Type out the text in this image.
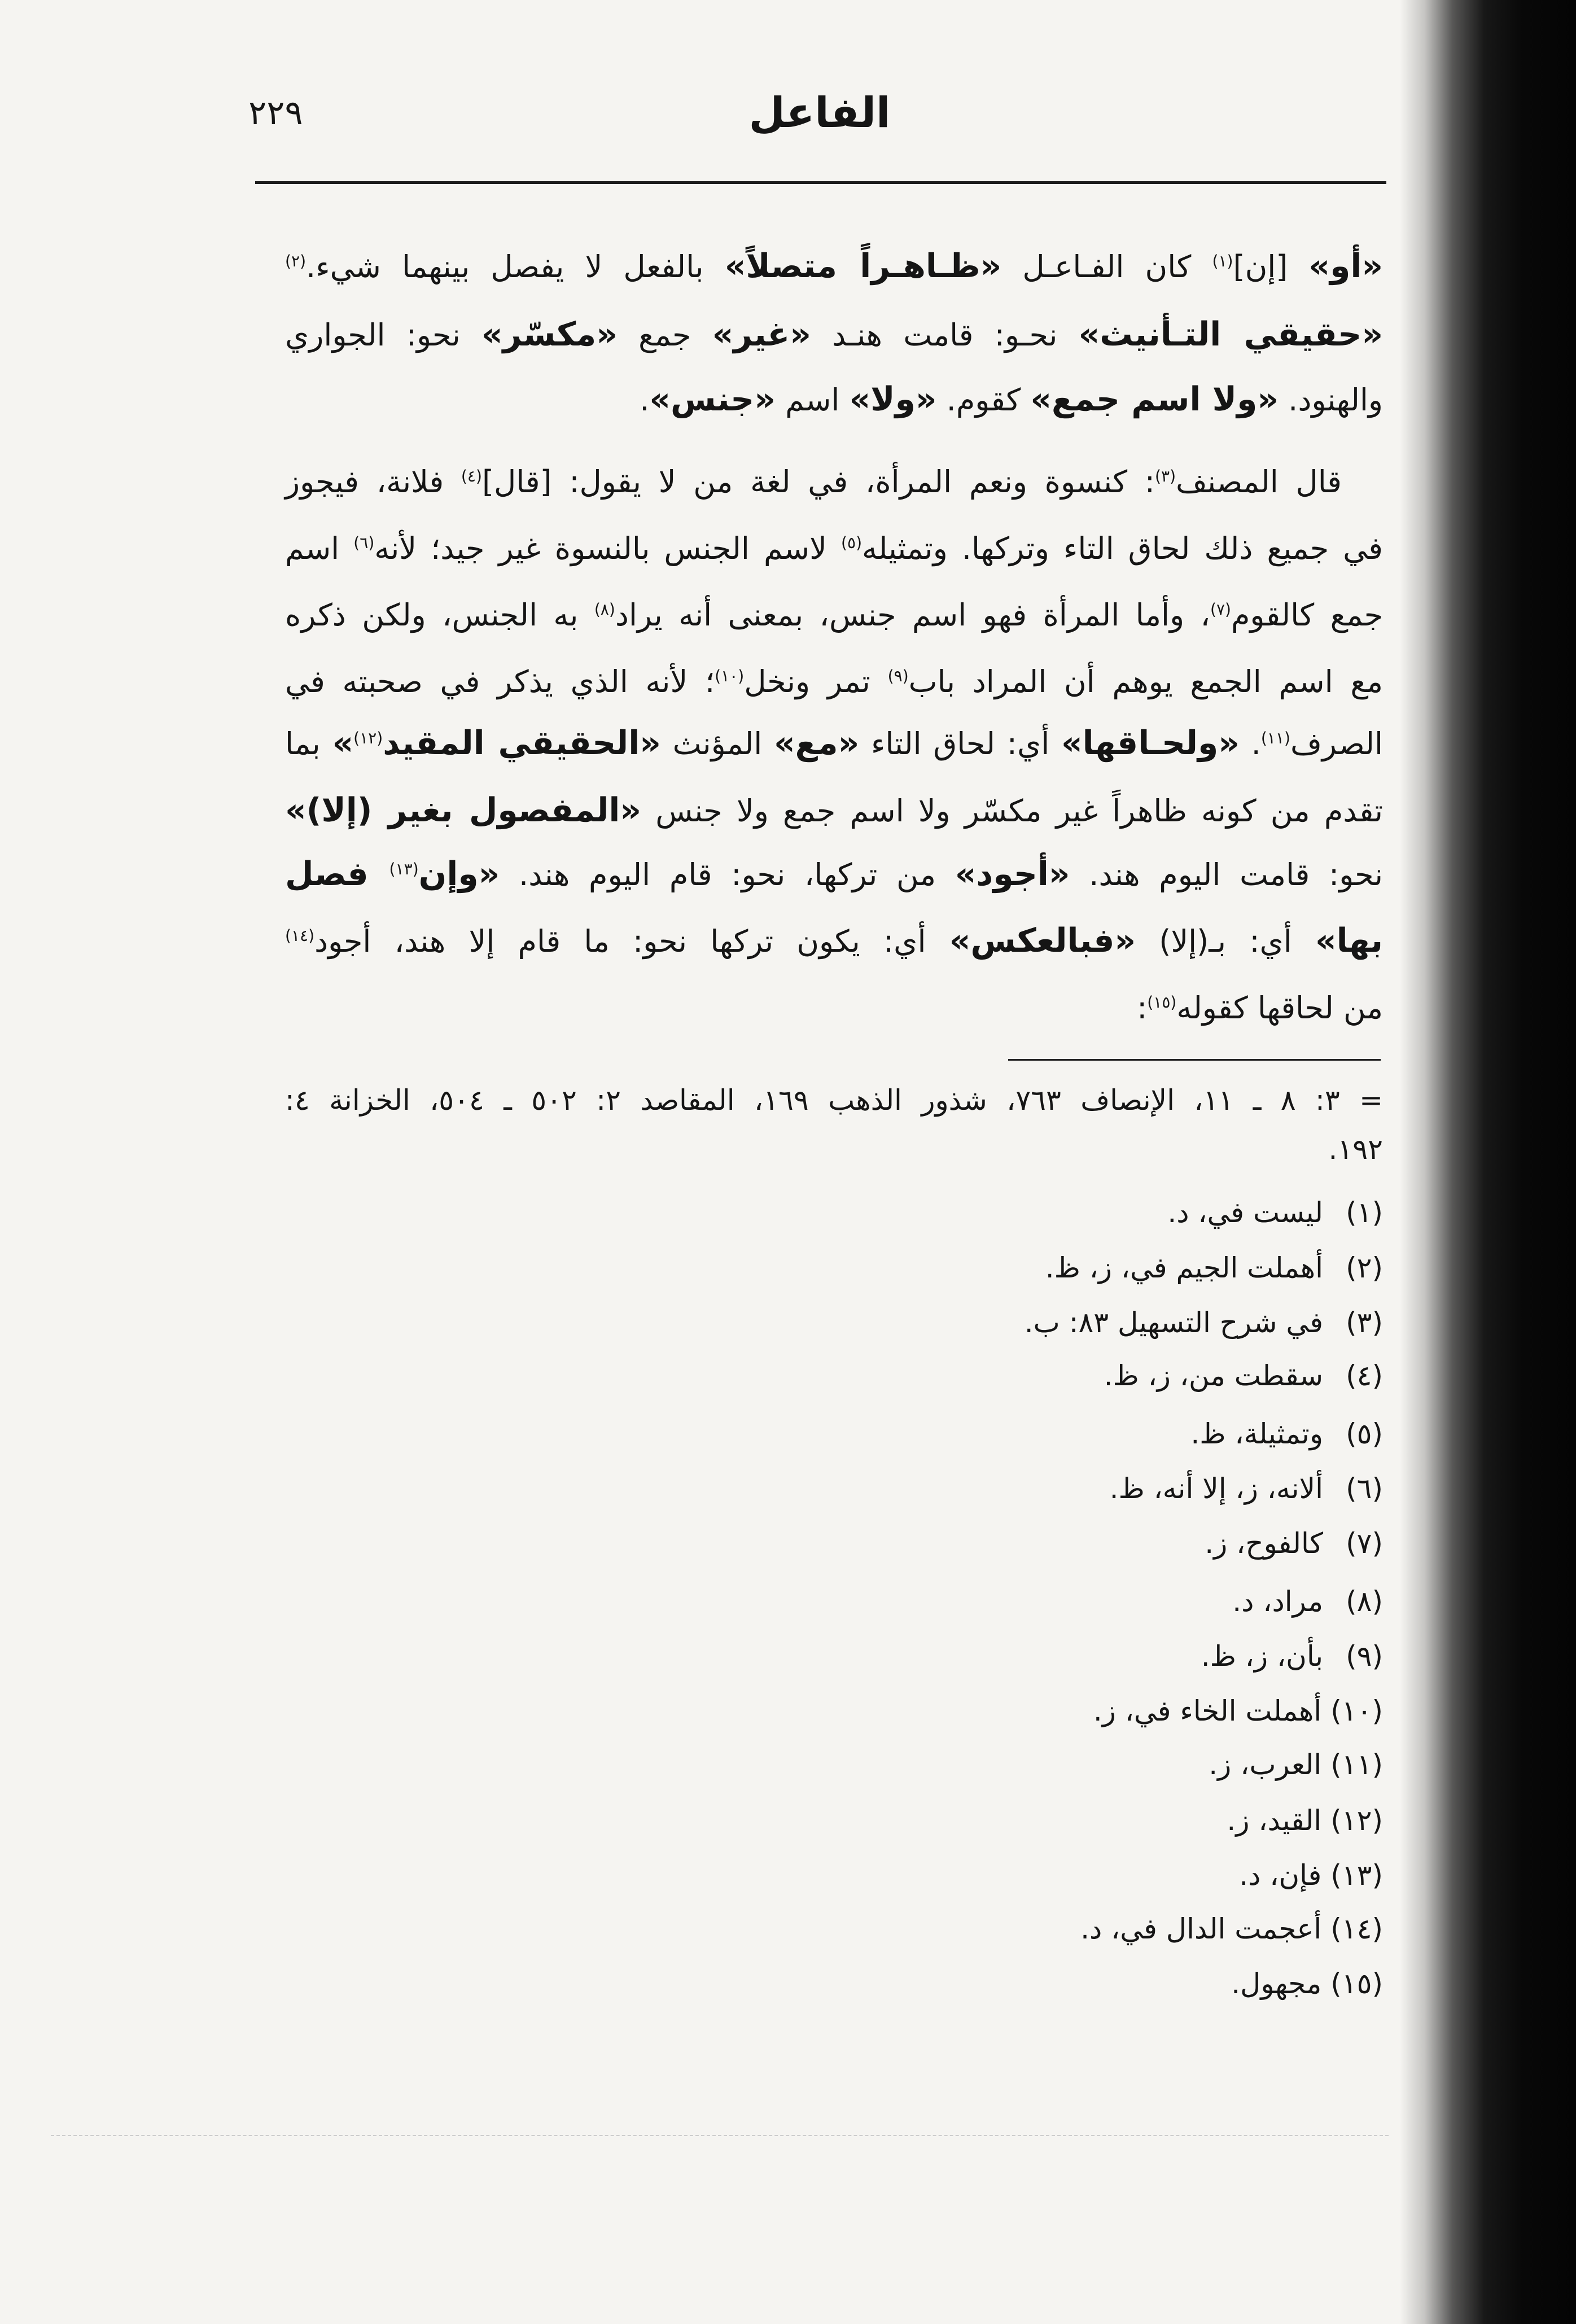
٢٢٩	الفاعل
«أو» [إن]$^{(١)}$ كان الفـاعـل «ظـاهـراً متصلاً» بالفعل لا يفصل بينهما شيء.$^{(٢)}$
«حقيقي التـأنيث» نحـو: قامت هنـد «غير» جمع «مكسّر» نحو: الجواري
والهنود. «ولا اسم جمع» كقوم. «ولا» اسم «جنس».
قال المصنف$^{(٣)}$: كنسوة ونعم المرأة، في لغة من لا يقول: [قال]$^{(٤)}$ فلانة، فيجوز
في جميع ذلك لحاق التاء وتركها. وتمثيله$^{(٥)}$ لاسم الجنس بالنسوة غير جيد؛ لأنه$^{(٦)}$ اسم
جمع كالقوم$^{(٧)}$، وأما المرأة فهو اسم جنس، بمعنى أنه يراد$^{(٨)}$ به الجنس، ولكن ذكره
مع اسم الجمع يوهم أن المراد باب$^{(٩)}$ تمر ونخل$^{(١٠)}$؛ لأنه الذي يذكر في صحبته في
الصرف$^{(١١)}$. «ولحـاقها» أي: لحاق التاء «مع» المؤنث «الحقيقي المقيد$^{(١٢)}$» بما
تقدم من كونه ظاهراً غير مكسّر ولا اسم جمع ولا جنس «المفصول بغير (إلا)»
نحو: قامت اليوم هند. «أجود» من تركها، نحو: قام اليوم هند. «وإن$^{(١٣)}$ فصل
بها» أي: بـ(إلا) «فبالعكس» أي: يكون تركها نحو: ما قام إلا هند، أجود$^{(١٤)}$
من لحاقها كقوله$^{(١٥)}$:
= ٣: ٨ ـ ١١، الإنصاف ٧٦٣، شذور الذهب ١٦٩، المقاصد ٢: ٥٠٢ ـ ٥٠٤، الخزانة ٤:
١٩٢.
(١)ليست في، د.
(٢)أهملت الجيم في، ز، ظ.
(٣)في شرح التسهيل ٨٣: ب.
(٤)سقطت من، ز، ظ.
(٥)وتمثيلة، ظ.
(٦)ألانه، ز، إلا أنه، ظ.
(٧)كالفوح، ز.
(٨)مراد، د.
(٩)بأن، ز، ظ.
(١٠)أهملت الخاء في، ز.
(١١)العرب، ز.
(١٢)القيد، ز.
(١٣)فإن، د.
(١٤)أعجمت الدال في، د.
(١٥)مجهول.
